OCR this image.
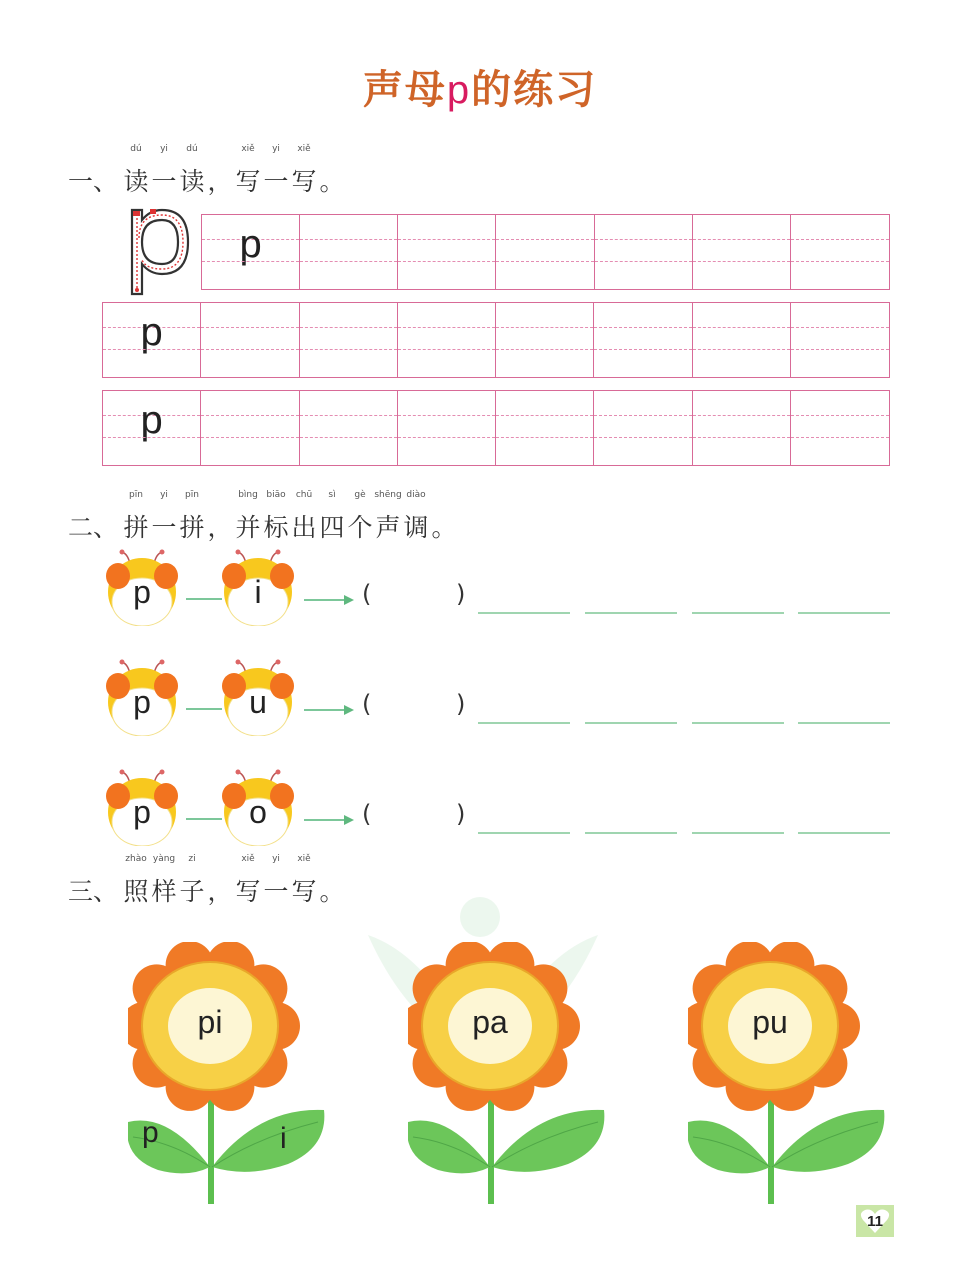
声母p的练习
一、
dú
读
yi
一
dú
读 ，
xiě
写
yi
一
xiě
写 。
p
p
p
二、
pīn
拼
yi
一
pīn
拼 ，
bìng
并
biāo
标
chū
出
sì
四
gè
个
shēng
声
diào
调 。
p	i	(	)
p	u	(	)
p	o	(	)
三、
zhào
照
yàng
样
zi
子 ，
xiě
写
yi
一
xiě
写 。
pi
p	i
pa	pu
11
